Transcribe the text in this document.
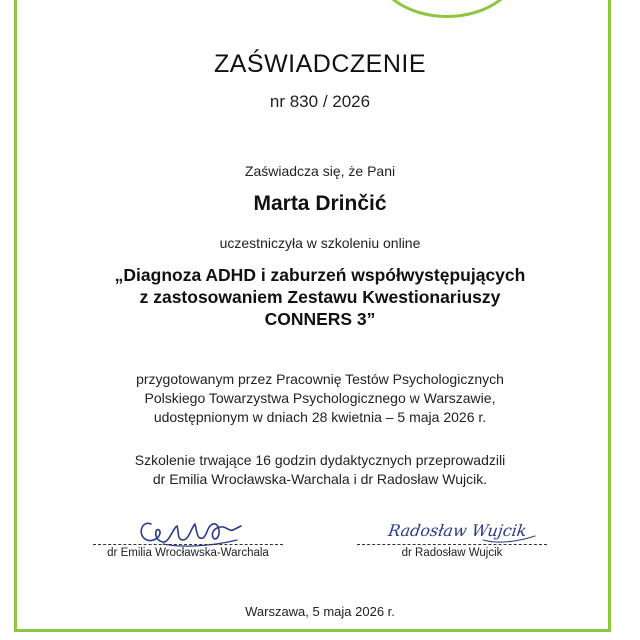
ZAŚWIADCZENIE
nr 830 / 2026
Zaświadcza się, że Pani
Marta Drinčić
uczestniczyła w szkoleniu online
„Diagnoza ADHD i zaburzeń współwystępujących
z zastosowaniem Zestawu Kwestionariuszy
CONNERS 3”
przygotowanym przez Pracownię Testów Psychologicznych
Polskiego Towarzystwa Psychologicznego w Warszawie,
udostępnionym w dniach 28 kwietnia – 5 maja 2026 r.
Szkolenie trwające 16 godzin dydaktycznych przeprowadzili
dr Emilia Wrocławska-Warchala i dr Radosław Wujcik.
dr Emilia Wrocławska-Warchala
Radosław Wujcik
dr Radosław Wujcik
Warszawa, 5 maja 2026 r.
